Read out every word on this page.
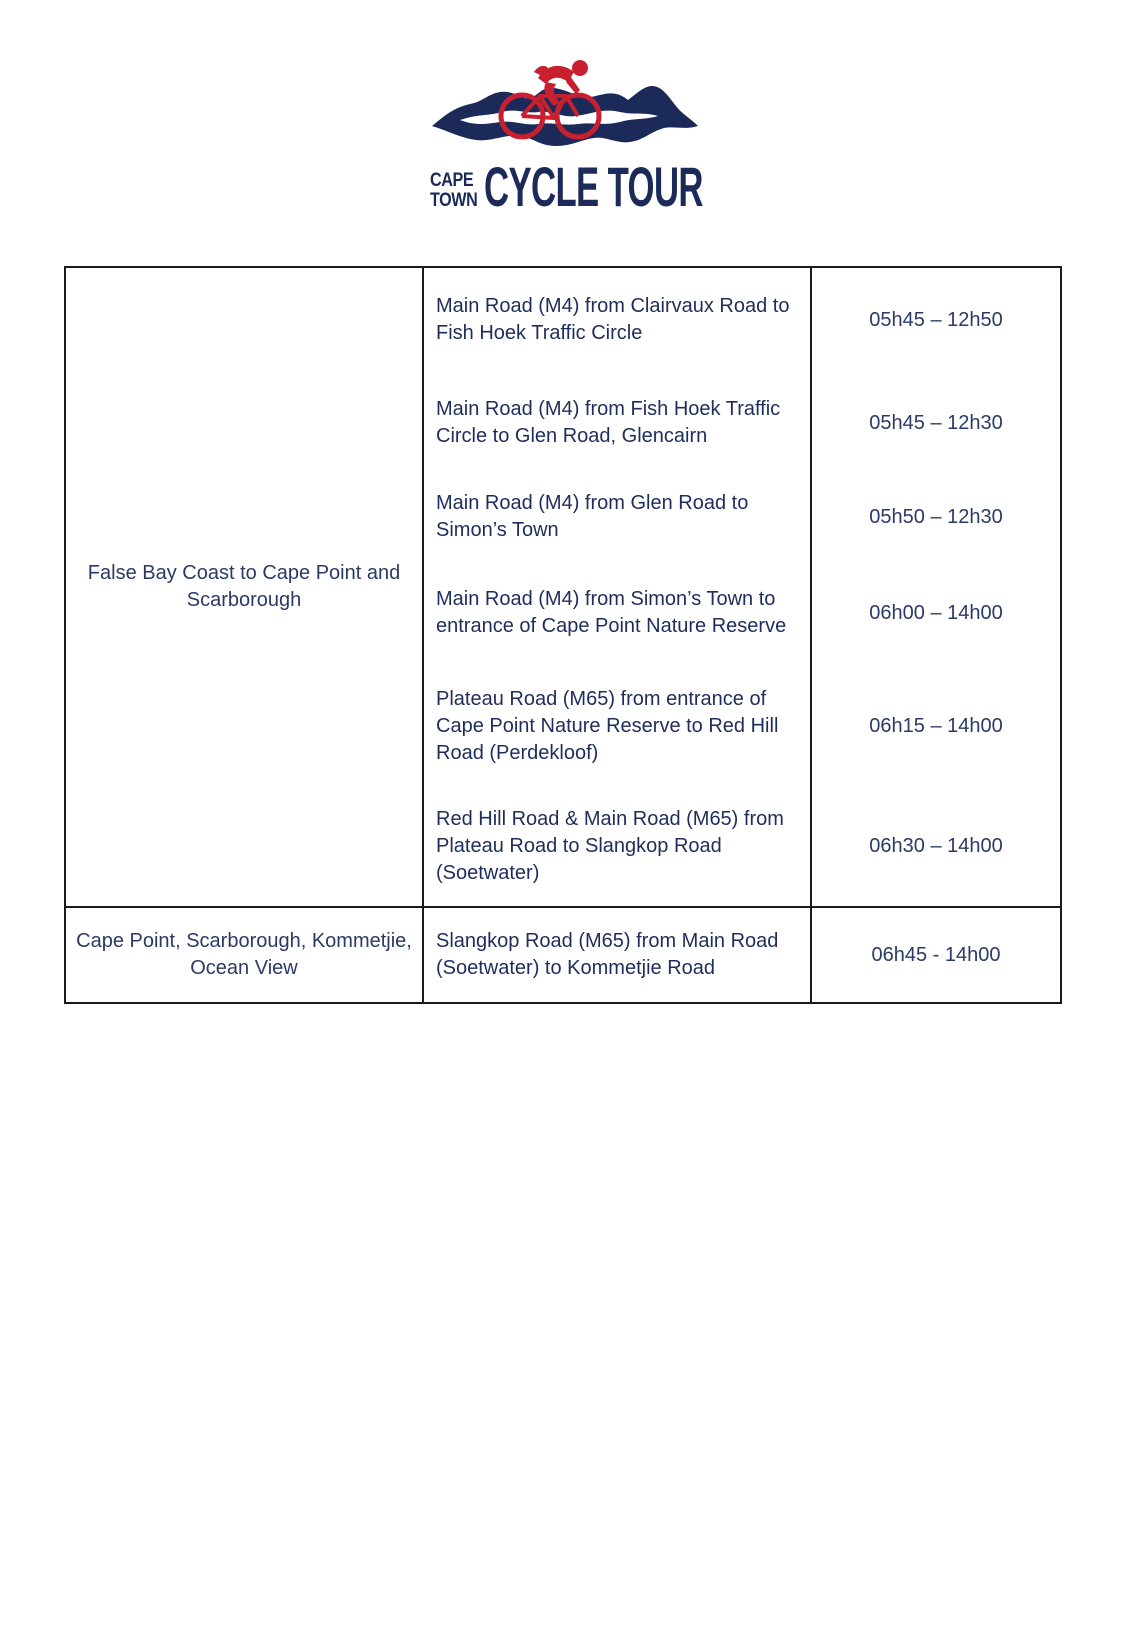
CAPE
TOWN CYCLE TOUR
False Bay Coast to Cape Point and Scarborough	Main Road (M4) from Clairvaux Road to Fish Hoek Traffic Circle	05h45 – 12h50
	Main Road (M4) from Fish Hoek Traffic Circle to Glen Road, Glencairn	05h45 – 12h30
	Main Road (M4) from Glen Road to Simon’s Town	05h50 – 12h30
	Main Road (M4) from Simon’s Town to entrance of Cape Point Nature Reserve	06h00 – 14h00
	Plateau Road (M65) from entrance of Cape Point Nature Reserve to Red Hill Road (Perdekloof)	06h15 – 14h00
	Red Hill Road & Main Road (M65) from Plateau Road to Slangkop Road (Soetwater)	06h30 – 14h00
Cape Point, Scarborough, Kommetjie, Ocean View	Slangkop Road (M65) from Main Road (Soetwater) to Kommetjie Road	06h45 - 14h00
